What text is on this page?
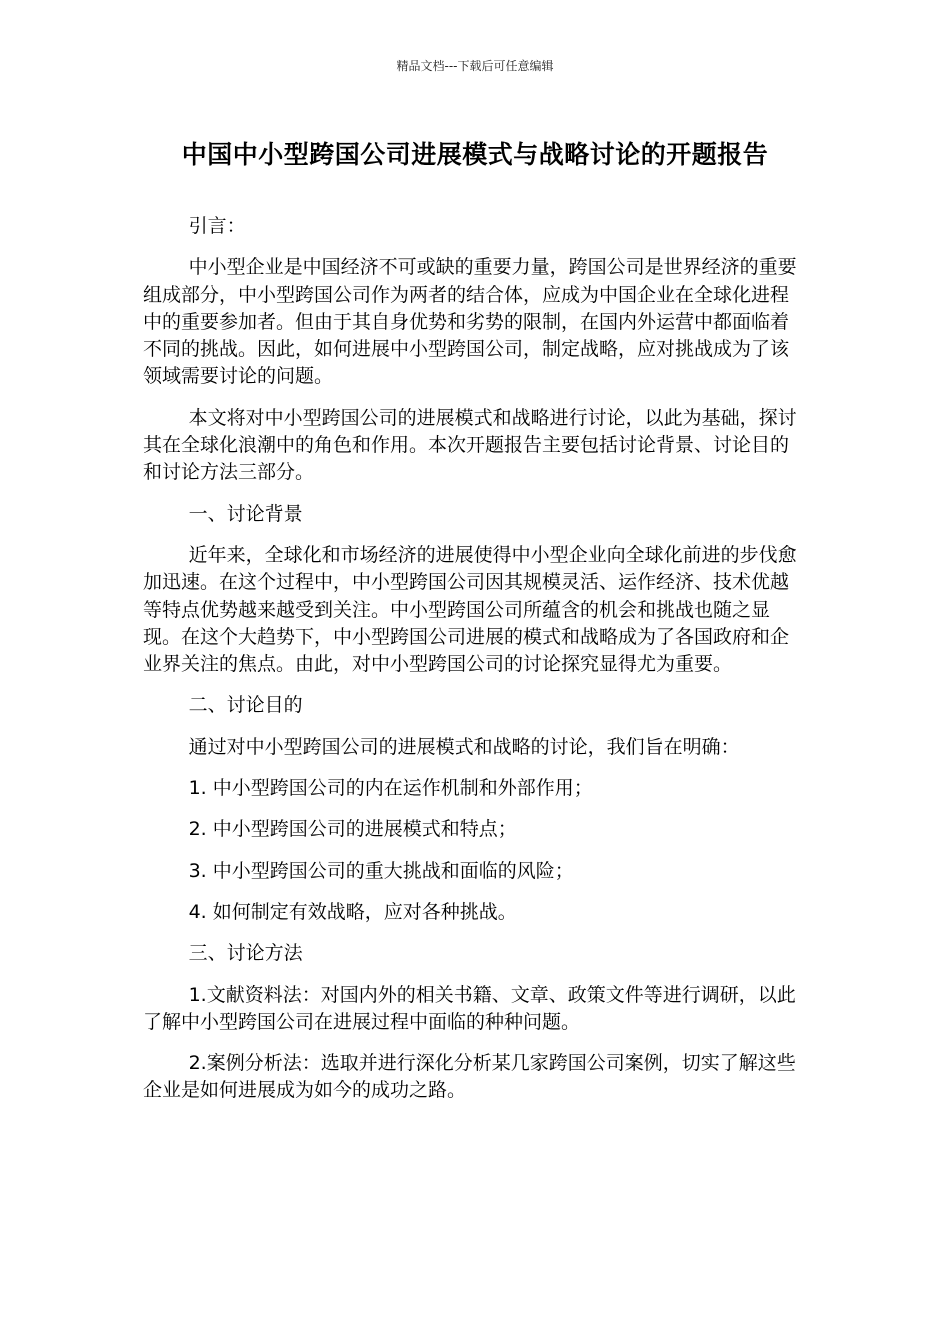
精品文档---下载后可任意编辑
中国中小型跨国公司进展模式与战略讨论的开题报告

引言：

中小型企业是中国经济不可或缺的重要力量，跨国公司是世界经济的重要组成部分，中小型跨国公司作为两者的结合体，应成为中国企业在全球化进程中的重要参加者。但由于其自身优势和劣势的限制，在国内外运营中都面临着不同的挑战。因此，如何进展中小型跨国公司，制定战略，应对挑战成为了该领域需要讨论的问题。

本文将对中小型跨国公司的进展模式和战略进行讨论，以此为基础，探讨其在全球化浪潮中的角色和作用。本次开题报告主要包括讨论背景、讨论目的和讨论方法三部分。

一、讨论背景

近年来，全球化和市场经济的进展使得中小型企业向全球化前进的步伐愈加迅速。在这个过程中，中小型跨国公司因其规模灵活、运作经济、技术优越等特点优势越来越受到关注。中小型跨国公司所蕴含的机会和挑战也随之显现。在这个大趋势下，中小型跨国公司进展的模式和战略成为了各国政府和企业界关注的焦点。由此，对中小型跨国公司的讨论探究显得尤为重要。

二、讨论目的

通过对中小型跨国公司的进展模式和战略的讨论，我们旨在明确：

1. 中小型跨国公司的内在运作机制和外部作用；

2. 中小型跨国公司的进展模式和特点；

3. 中小型跨国公司的重大挑战和面临的风险；

4. 如何制定有效战略，应对各种挑战。

三、讨论方法

1.文献资料法：对国内外的相关书籍、文章、政策文件等进行调研，以此了解中小型跨国公司在进展过程中面临的种种问题。

2.案例分析法：选取并进行深化分析某几家跨国公司案例，切实了解这些企业是如何进展成为如今的成功之路。
